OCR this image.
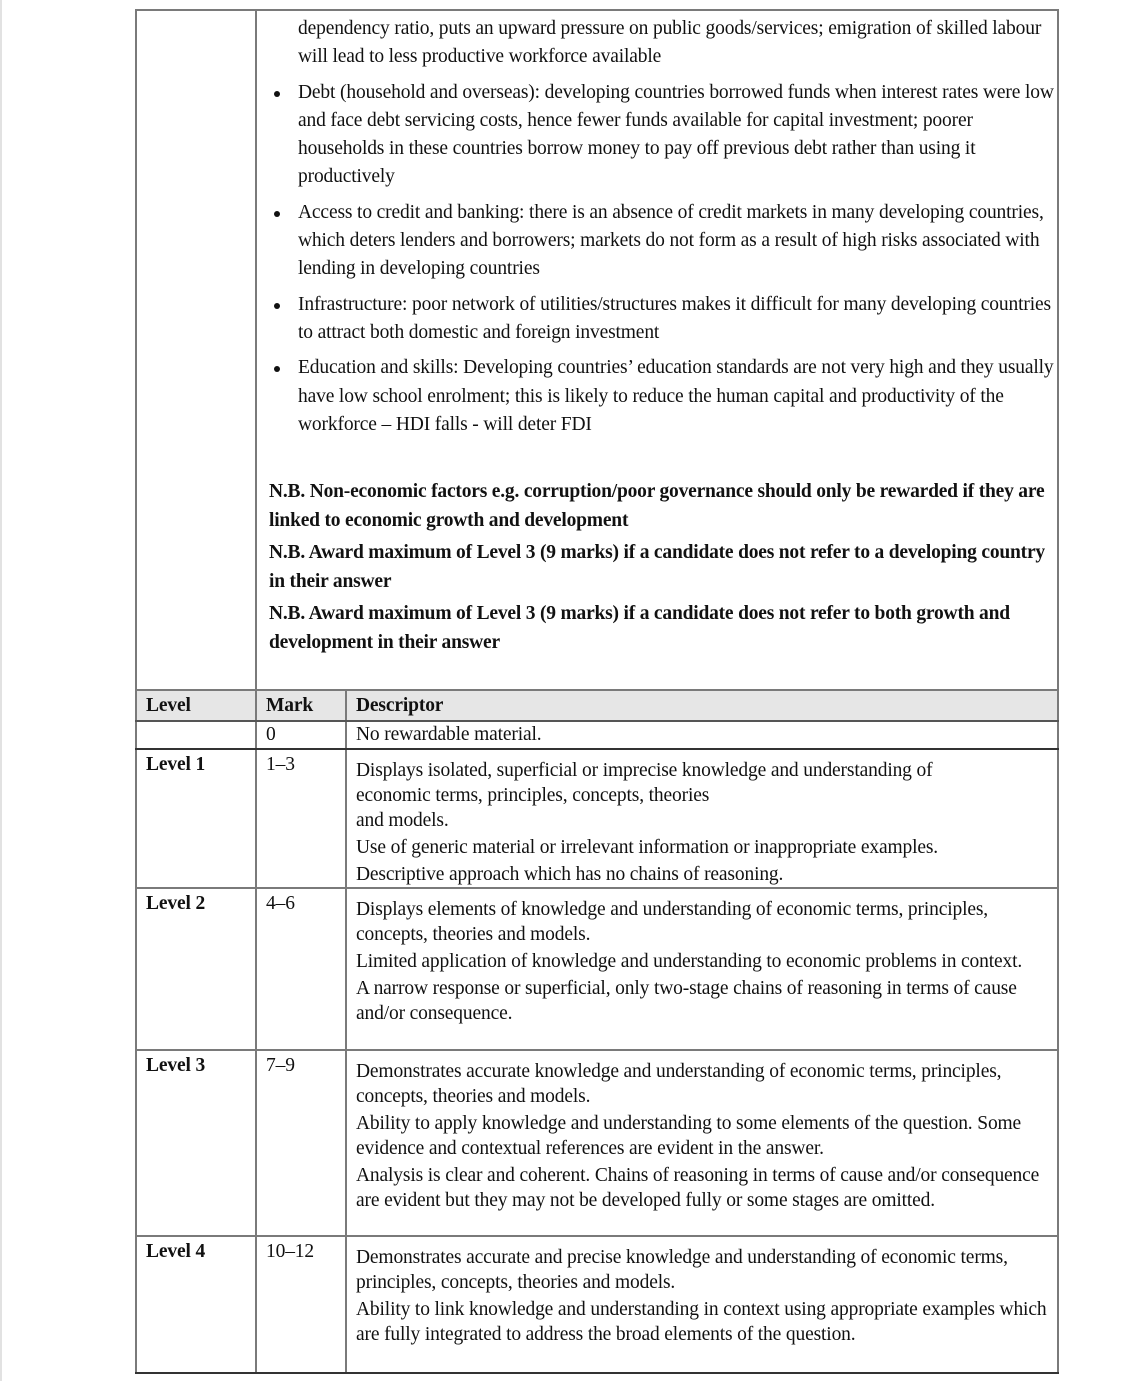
dependency ratio, puts an upward pressure on public goods/services; emigration of skilled labour will lead to less productive workforce available
Debt (household and overseas): developing countries borrowed funds when interest rates were low and face debt servicing costs, hence fewer funds available for capital investment; poorer households in these countries borrow money to pay off previous debt rather than using it productively
Access to credit and banking: there is an absence of credit markets in many developing countries, which deters lenders and borrowers; markets do not form as a result of high risks associated with lending in developing countries
Infrastructure: poor network of utilities/structures makes it difficult for many developing countries to attract both domestic and foreign investment
Education and skills: Developing countries’ education standards are not very high and they usually have low school enrolment; this is likely to reduce the human capital and productivity of the workforce – HDI falls - will deter FDI

N.B. Non-economic factors e.g. corruption/poor governance should only be rewarded if they are linked to economic growth and development

N.B. Award maximum of Level 3 (9 marks) if a candidate does not refer to a developing country in their answer

N.B. Award maximum of Level 3 (9 marks) if a candidate does not refer to both growth and development in their answer

Level	Mark	Descriptor
	0	No rewardable material.

Level 1	1–3	Displays isolated, superficial or imprecise knowledge and understanding of
economic terms, principles, concepts, theories
and models.

Use of generic material or irrelevant information or inappropriate examples.

Descriptive approach which has no chains of reasoning.

Level 2	4–6	Displays elements of knowledge and understanding of economic terms, principles, concepts, theories and models.

Limited application of knowledge and understanding to economic problems in context.

A narrow response or superficial, only two-stage chains of reasoning in terms of cause and/or consequence.

Level 3	7–9	Demonstrates accurate knowledge and understanding of economic terms, principles, concepts, theories and models.

Ability to apply knowledge and understanding to some elements of the question. Some evidence and contextual references are evident in the answer.

Analysis is clear and coherent. Chains of reasoning in terms of cause and/or consequence are evident but they may not be developed fully or some stages are omitted.

Level 4	10–12	Demonstrates accurate and precise knowledge and understanding of economic terms, principles, concepts, theories and models.

Ability to link knowledge and understanding in context using appropriate examples which are fully integrated to address the broad elements of the question.
